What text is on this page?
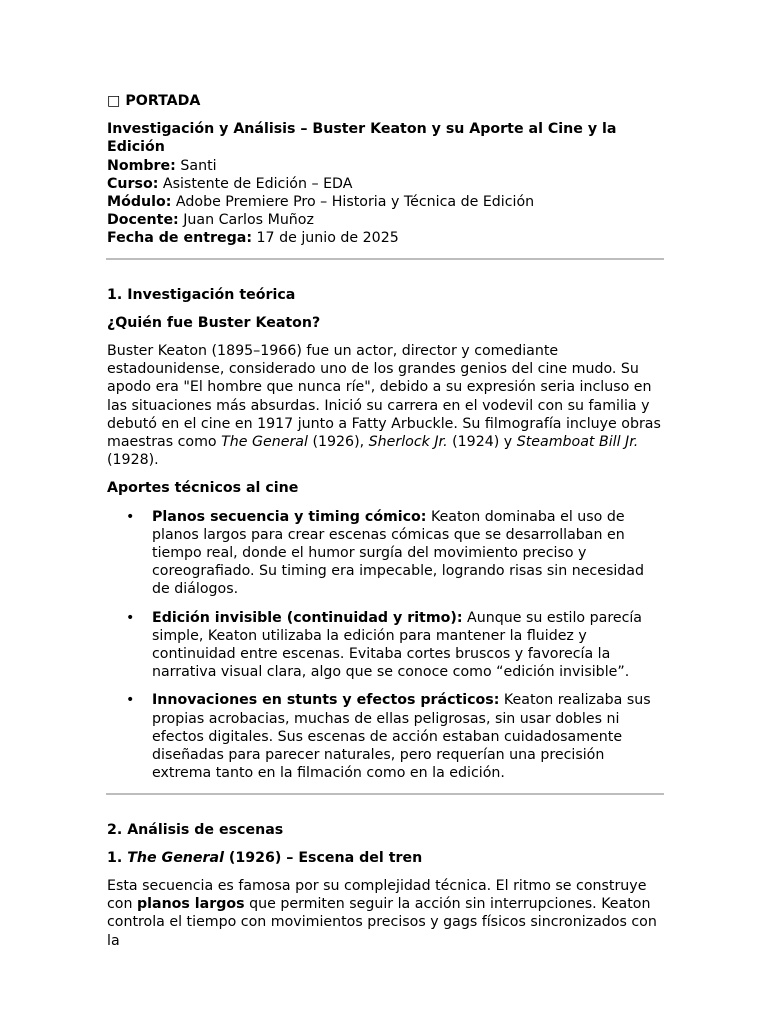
□ PORTADA

Investigación y Análisis – Buster Keaton y su Aporte al Cine y la Edición

Nombre: Santi

Curso: Asistente de Edición – EDA

Módulo: Adobe Premiere Pro – Historia y Técnica de Edición

Docente: Juan Carlos Muñoz

Fecha de entrega: 17 de junio de 2025

1. Investigación teórica

¿Quién fue Buster Keaton?

Buster Keaton (1895–1966) fue un actor, director y comediante estadounidense, considerado uno de los grandes genios del cine mudo. Su apodo era "El hombre que nunca ríe", debido a su expresión seria incluso en las situaciones más absurdas. Inició su carrera en el vodevil con su familia y debutó en el cine en 1917 junto a Fatty Arbuckle. Su filmografía incluye obras maestras como The General (1926), Sherlock Jr. (1924) y Steamboat Bill Jr. (1928).

Aportes técnicos al cine

• Planos secuencia y timing cómico: Keaton dominaba el uso de planos largos para crear escenas cómicas que se desarrollaban en tiempo real, donde el humor surgía del movimiento preciso y coreografiado. Su timing era impecable, logrando risas sin necesidad de diálogos.
• Edición invisible (continuidad y ritmo): Aunque su estilo parecía simple, Keaton utilizaba la edición para mantener la fluidez y continuidad entre escenas. Evitaba cortes bruscos y favorecía la narrativa visual clara, algo que se conoce como “edición invisible”.
• Innovaciones en stunts y efectos prácticos: Keaton realizaba sus propias acrobacias, muchas de ellas peligrosas, sin usar dobles ni efectos digitales. Sus escenas de acción estaban cuidadosamente diseñadas para parecer naturales, pero requerían una precisión extrema tanto en la filmación como en la edición.

2. Análisis de escenas

1. The General (1926) – Escena del tren

Esta secuencia es famosa por su complejidad técnica. El ritmo se construye con planos largos que permiten seguir la acción sin interrupciones. Keaton controla el tiempo con movimientos precisos y gags físicos sincronizados con la
